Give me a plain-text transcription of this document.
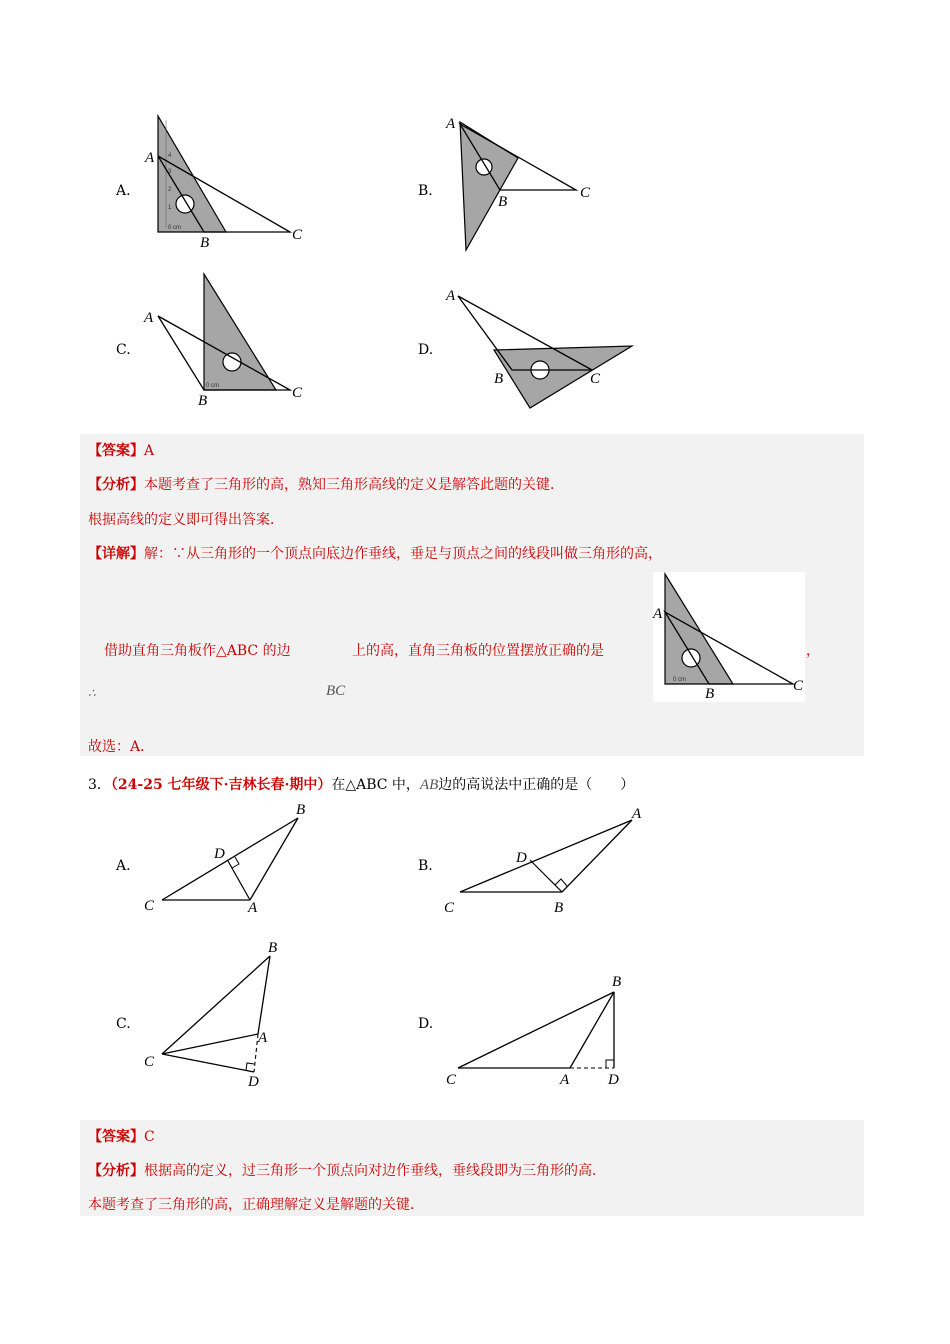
A.
A
B	C
0 cm
1
2
3
4
B.
A
B
C
C.
A
B	C
0 cm
D.
A
B	C
【答案】A
【分析】本题考查了三角形的高，熟知三角形高线的定义是解答此题的关键．
根据高线的定义即可得出答案．
【详解】解：∵从三角形的一个顶点向底边作垂线，垂足与顶点之间的线段叫做三角形的高，
借助直角三角板作△ABC 的边	上的高，直角三角板的位置摆放正确的是	，
∴	BC
A
B	C
0 cm
故选：A．
3．（24-25 七年级下·吉林长春·期中）在△ABC 中，AB边的高说法中正确的是（　　）
A.
C	A
B
D
B.
C	B
A
D
C.
B
A
C
D
D.
B
C	A	D
【答案】C
【分析】根据高的定义，过三角形一个顶点向对边作垂线，垂线段即为三角形的高．
本题考查了三角形的高，正确理解定义是解题的关键．
